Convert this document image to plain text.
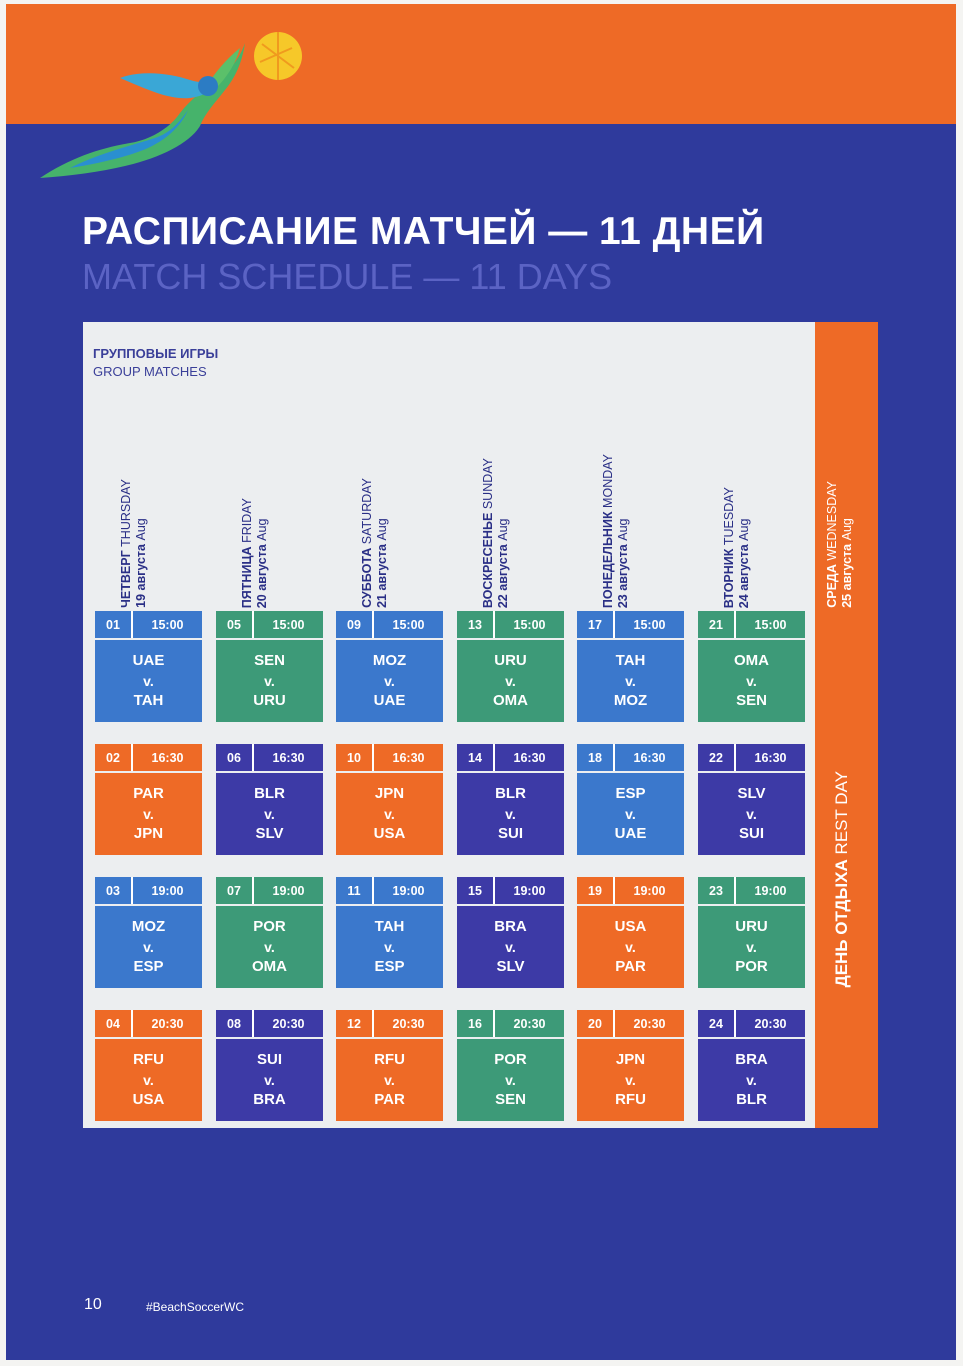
РАСПИСАНИЕ МАТЧЕЙ — 11 ДНЕЙ
MATCH SCHEDULE — 11 DAYS
ГРУППОВЫЕ ИГРЫ
GROUP MATCHES
ЧЕТВЕРГ THURSDAY
19 августа Aug
ПЯТНИЦА FRIDAY
20 августа Aug
СУББОТА SATURDAY
21 августа Aug	ВОСКРЕСЕНЬЕ SUNDAY
22 августа Aug	ПОНЕДЕЛЬНИК MONDAY
23 августа Aug
ВТОРНИК TUESDAY
24 августа Aug
СРЕДА WEDNESDAY
25 августа Aug
ДЕНЬ ОТДЫХА REST DAY
01	15:00
UAE
v.
TAH
05	15:00
SEN
v.
URU
09	15:00
MOZ
v.
UAE
13	15:00
URU
v.
OMA
17	15:00
TAH
v.
MOZ
21	15:00
OMA
v.
SEN
02	16:30
PAR
v.
JPN
06	16:30
BLR
v.
SLV
10	16:30
JPN
v.
USA
14	16:30
BLR
v.
SUI
18	16:30
ESP
v.
UAE
22	16:30
SLV
v.
SUI
03	19:00
MOZ
v.
ESP
07	19:00
POR
v.
OMA
11	19:00
TAH
v.
ESP
15	19:00
BRA
v.
SLV
19	19:00
USA
v.
PAR
23	19:00
URU
v.
POR
04	20:30
RFU
v.
USA
08	20:30
SUI
v.
BRA
12	20:30
RFU
v.
PAR
16	20:30
POR
v.
SEN
20	20:30
JPN
v.
RFU
24	20:30
BRA
v.
BLR
10	#BeachSoccerWC
